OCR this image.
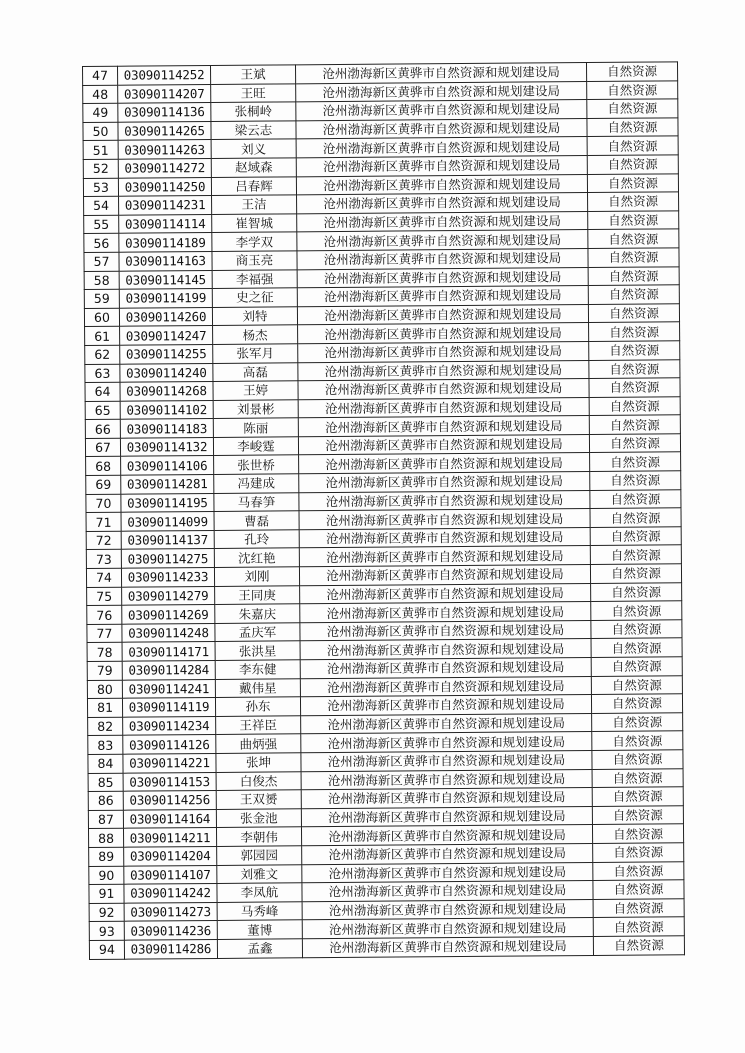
47	03090114252	王斌	沧州渤海新区黄骅市自然资源和规划建设局	自然资源
48	03090114207	王旺	沧州渤海新区黄骅市自然资源和规划建设局	自然资源
49	03090114136	张桐岭	沧州渤海新区黄骅市自然资源和规划建设局	自然资源
50	03090114265	梁云志	沧州渤海新区黄骅市自然资源和规划建设局	自然资源
51	03090114263	刘义	沧州渤海新区黄骅市自然资源和规划建设局	自然资源
52	03090114272	赵域森	沧州渤海新区黄骅市自然资源和规划建设局	自然资源
53	03090114250	吕春辉	沧州渤海新区黄骅市自然资源和规划建设局	自然资源
54	03090114231	王洁	沧州渤海新区黄骅市自然资源和规划建设局	自然资源
55	03090114114	崔智城	沧州渤海新区黄骅市自然资源和规划建设局	自然资源
56	03090114189	李学双	沧州渤海新区黄骅市自然资源和规划建设局	自然资源
57	03090114163	商玉亮	沧州渤海新区黄骅市自然资源和规划建设局	自然资源
58	03090114145	李福强	沧州渤海新区黄骅市自然资源和规划建设局	自然资源
59	03090114199	史之征	沧州渤海新区黄骅市自然资源和规划建设局	自然资源
60	03090114260	刘特	沧州渤海新区黄骅市自然资源和规划建设局	自然资源
61	03090114247	杨杰	沧州渤海新区黄骅市自然资源和规划建设局	自然资源
62	03090114255	张军月	沧州渤海新区黄骅市自然资源和规划建设局	自然资源
63	03090114240	高磊	沧州渤海新区黄骅市自然资源和规划建设局	自然资源
64	03090114268	王婷	沧州渤海新区黄骅市自然资源和规划建设局	自然资源
65	03090114102	刘景彬	沧州渤海新区黄骅市自然资源和规划建设局	自然资源
66	03090114183	陈丽	沧州渤海新区黄骅市自然资源和规划建设局	自然资源
67	03090114132	李峻霆	沧州渤海新区黄骅市自然资源和规划建设局	自然资源
68	03090114106	张世桥	沧州渤海新区黄骅市自然资源和规划建设局	自然资源
69	03090114281	冯建成	沧州渤海新区黄骅市自然资源和规划建设局	自然资源
70	03090114195	马春笋	沧州渤海新区黄骅市自然资源和规划建设局	自然资源
71	03090114099	曹磊	沧州渤海新区黄骅市自然资源和规划建设局	自然资源
72	03090114137	孔玲	沧州渤海新区黄骅市自然资源和规划建设局	自然资源
73	03090114275	沈红艳	沧州渤海新区黄骅市自然资源和规划建设局	自然资源
74	03090114233	刘刚	沧州渤海新区黄骅市自然资源和规划建设局	自然资源
75	03090114279	王同庚	沧州渤海新区黄骅市自然资源和规划建设局	自然资源
76	03090114269	朱嘉庆	沧州渤海新区黄骅市自然资源和规划建设局	自然资源
77	03090114248	孟庆军	沧州渤海新区黄骅市自然资源和规划建设局	自然资源
78	03090114171	张洪星	沧州渤海新区黄骅市自然资源和规划建设局	自然资源
79	03090114284	李东健	沧州渤海新区黄骅市自然资源和规划建设局	自然资源
80	03090114241	戴伟星	沧州渤海新区黄骅市自然资源和规划建设局	自然资源
81	03090114119	孙东	沧州渤海新区黄骅市自然资源和规划建设局	自然资源
82	03090114234	王祥臣	沧州渤海新区黄骅市自然资源和规划建设局	自然资源
83	03090114126	曲炳强	沧州渤海新区黄骅市自然资源和规划建设局	自然资源
84	03090114221	张坤	沧州渤海新区黄骅市自然资源和规划建设局	自然资源
85	03090114153	白俊杰	沧州渤海新区黄骅市自然资源和规划建设局	自然资源
86	03090114256	王双赟	沧州渤海新区黄骅市自然资源和规划建设局	自然资源
87	03090114164	张金池	沧州渤海新区黄骅市自然资源和规划建设局	自然资源
88	03090114211	李朝伟	沧州渤海新区黄骅市自然资源和规划建设局	自然资源
89	03090114204	郭园园	沧州渤海新区黄骅市自然资源和规划建设局	自然资源
90	03090114107	刘雅文	沧州渤海新区黄骅市自然资源和规划建设局	自然资源
91	03090114242	李凤航	沧州渤海新区黄骅市自然资源和规划建设局	自然资源
92	03090114273	马秀峰	沧州渤海新区黄骅市自然资源和规划建设局	自然资源
93	03090114236	董博	沧州渤海新区黄骅市自然资源和规划建设局	自然资源
94	03090114286	孟鑫	沧州渤海新区黄骅市自然资源和规划建设局	自然资源
